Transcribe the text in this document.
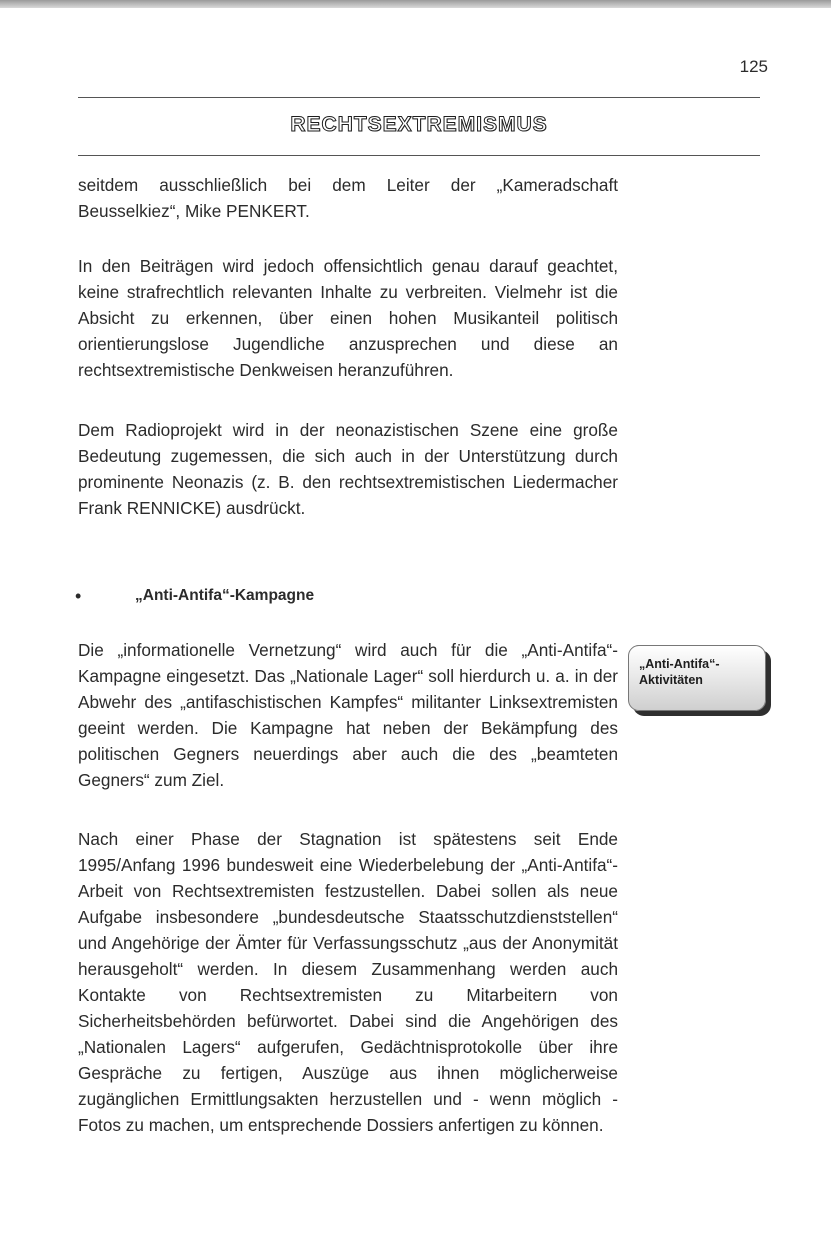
125
RECHTSEXTREMISMUS

seitdem ausschließlich bei dem Leiter der „Kameradschaft Beusselkiez“, Mike PENKERT.

In den Beiträgen wird jedoch offensichtlich genau darauf geachtet, keine strafrechtlich relevanten Inhalte zu verbreiten. Vielmehr ist die Absicht zu erkennen, über einen hohen Musikanteil politisch orientierungslose Jugendliche anzusprechen und diese an rechtsextremistische Denkweisen heranzuführen.

Dem Radioprojekt wird in der neonazistischen Szene eine große Bedeutung zugemessen, die sich auch in der Unterstützung durch prominente Neonazis (z. B. den rechtsextremistischen Liedermacher Frank RENNICKE) ausdrückt.

•	„Anti-Antifa“-Kampagne

Die „informationelle Vernetzung“ wird auch für die „Anti-Antifa“-Kampagne eingesetzt. Das „Nationale Lager“ soll hierdurch u. a. in der Abwehr des „antifaschistischen Kampfes“ militanter Linksextremisten geeint werden. Die Kampagne hat neben der Bekämpfung des politischen Gegners neuerdings aber auch die des „beamteten Gegners“ zum Ziel.

„Anti-Antifa“-
Aktivitäten

Nach einer Phase der Stagnation ist spätestens seit Ende 1995/Anfang 1996 bundesweit eine Wiederbelebung der „Anti-Antifa“-Arbeit von Rechtsextremisten festzustellen. Dabei sollen als neue Aufgabe insbesondere „bundesdeutsche Staatsschutzdienststellen“ und Angehörige der Ämter für Verfassungsschutz „aus der Anonymität herausgeholt“ werden. In diesem Zusammenhang werden auch Kontakte von Rechtsextremisten zu Mitarbeitern von Sicherheitsbehörden befürwortet. Dabei sind die Angehörigen des „Nationalen Lagers“ aufgerufen, Gedächtnisprotokolle über ihre Gespräche zu fertigen, Auszüge aus ihnen möglicherweise zugänglichen Ermittlungsakten herzustellen und - wenn möglich - Fotos zu machen, um entsprechende Dossiers anfertigen zu können.
